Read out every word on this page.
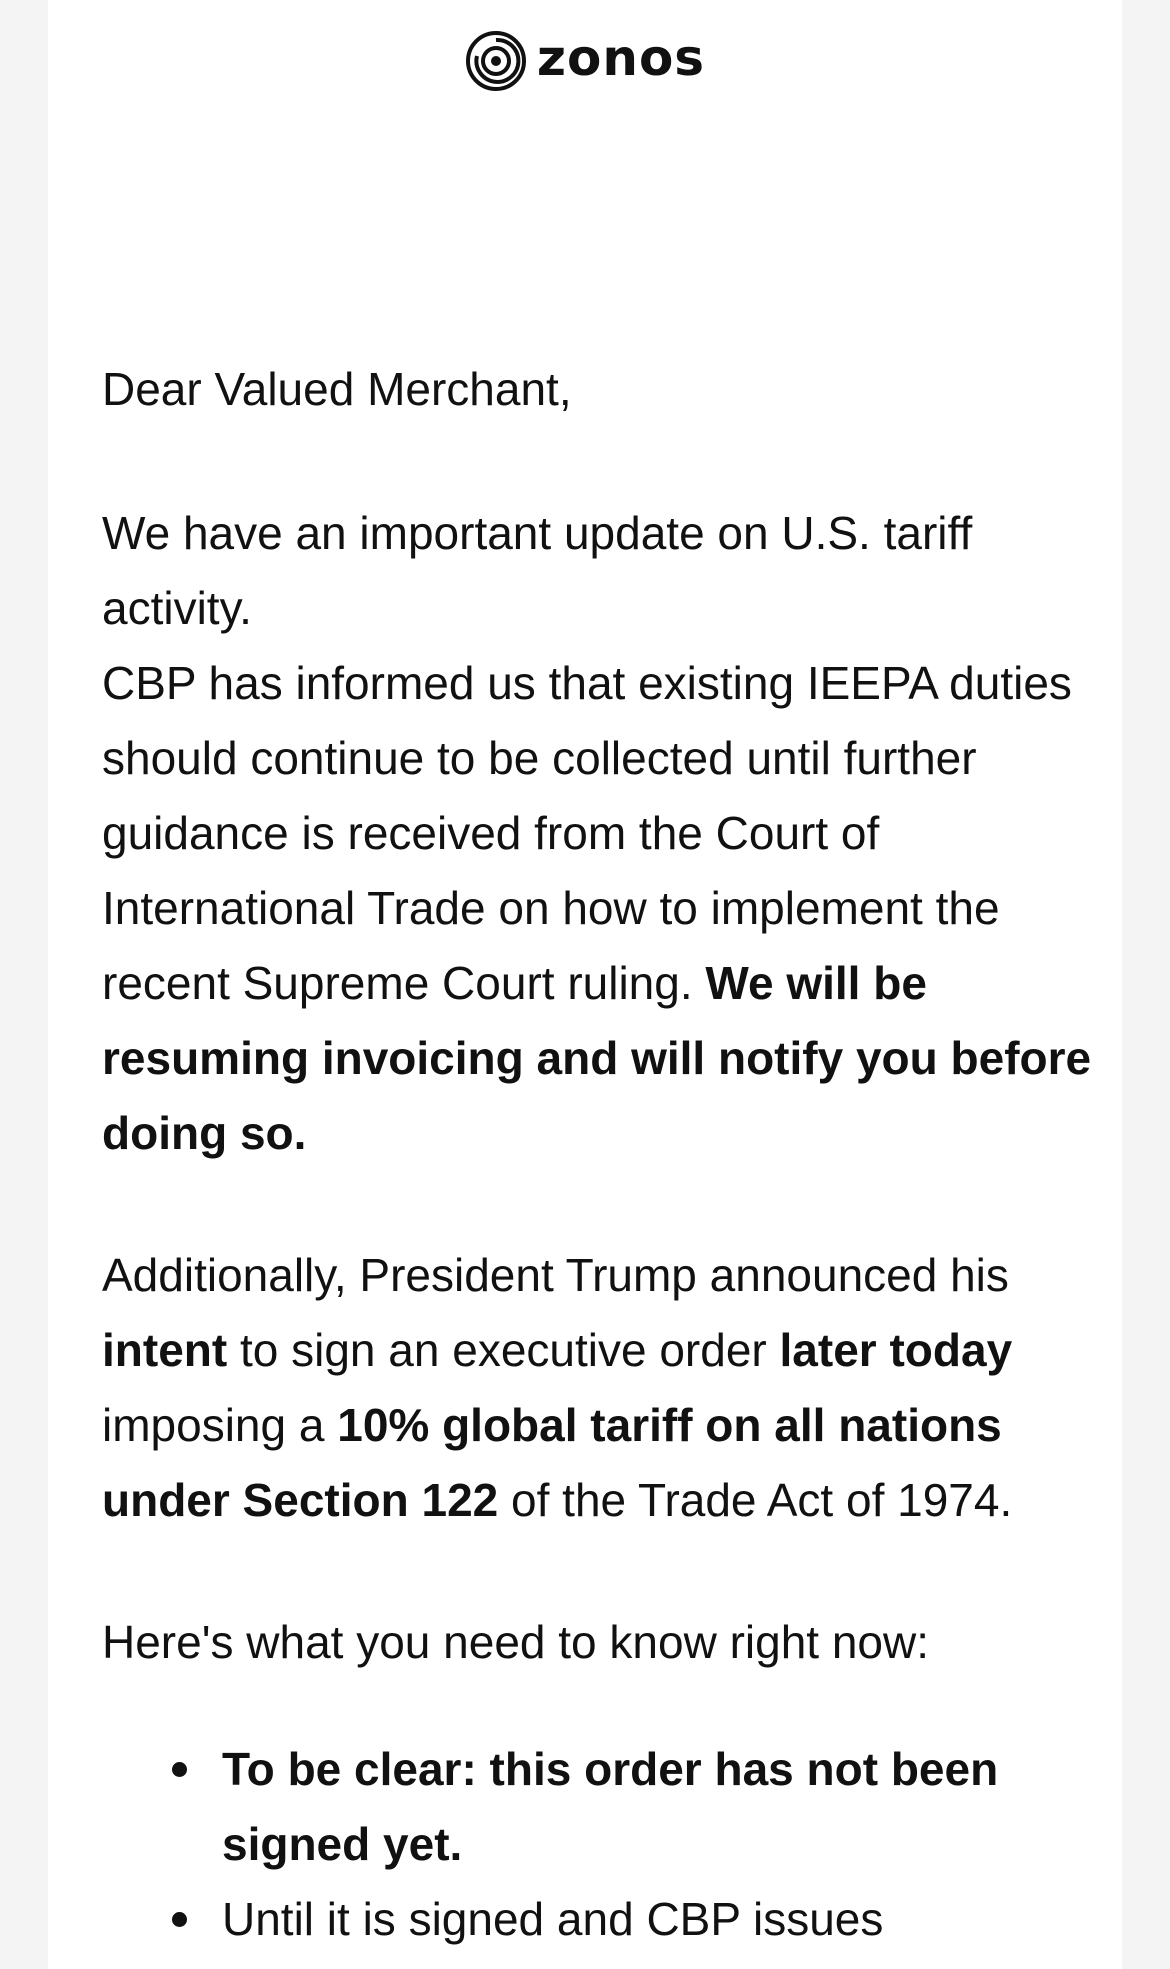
zonos

Dear Valued Merchant,

We have an important update on U.S. tariff activity.
CBP has informed us that existing IEEPA duties should continue to be collected until further guidance is received from the Court of International Trade on how to implement the recent Supreme Court ruling. We will be resuming invoicing and will notify you before doing so.

Additionally, President Trump announced his intent to sign an executive order later today imposing a 10% global tariff on all nations under Section 122 of the Trade Act of 1974.

Here's what you need to know right now:

To be clear: this order has not been signed yet.
Until it is signed and CBP issues
